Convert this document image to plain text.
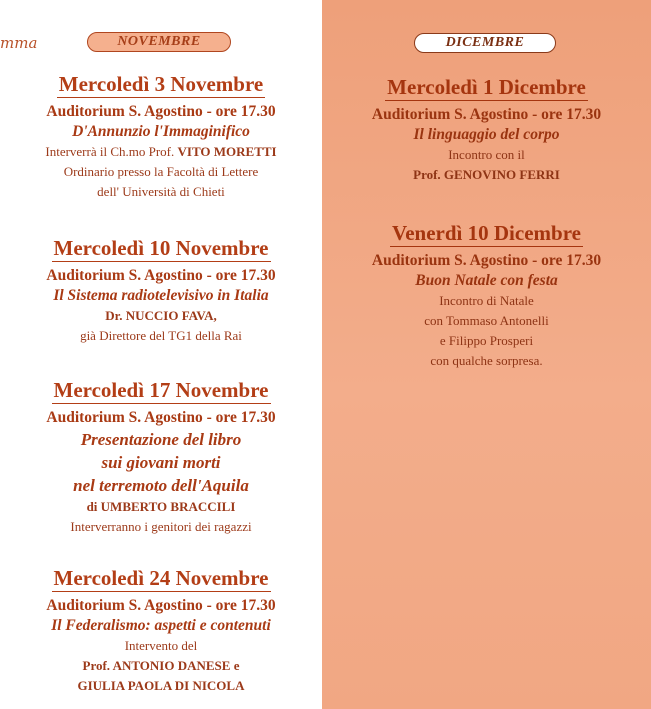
mma
Mercoledì 3 Novembre
Auditorium S. Agostino - ore 17.30
D'Annunzio l'Immaginifico
Interverrà il Ch.mo Prof. VITO MORETTI
Ordinario presso la Facoltà di Lettere
dell' Università di Chieti
Mercoledì 10 Novembre
Auditorium S. Agostino - ore 17.30
Il Sistema radiotelevisivo in Italia
Dr. NUCCIO FAVA,
già Direttore del TG1 della Rai
Mercoledì 17 Novembre
Auditorium S. Agostino - ore 17.30
Presentazione del libro
sui giovani morti
nel terremoto dell'Aquila
di UMBERTO BRACCILI
Interverranno i genitori dei ragazzi
Mercoledì 24 Novembre
Auditorium S. Agostino - ore 17.30
Il Federalismo: aspetti e contenuti
Intervento del
Prof. ANTONIO DANESE e
GIULIA PAOLA DI NICOLA
Mercoledì 1 Dicembre
Auditorium S. Agostino - ore 17.30
Il linguaggio del corpo
Incontro con il
Prof. GENOVINO FERRI
Venerdì 10 Dicembre
Auditorium S. Agostino - ore 17.30
Buon Natale con festa
Incontro di Natale
con Tommaso Antonelli
e Filippo Prosperi
con qualche sorpresa.
NOVEMBRE	DICEMBRE
